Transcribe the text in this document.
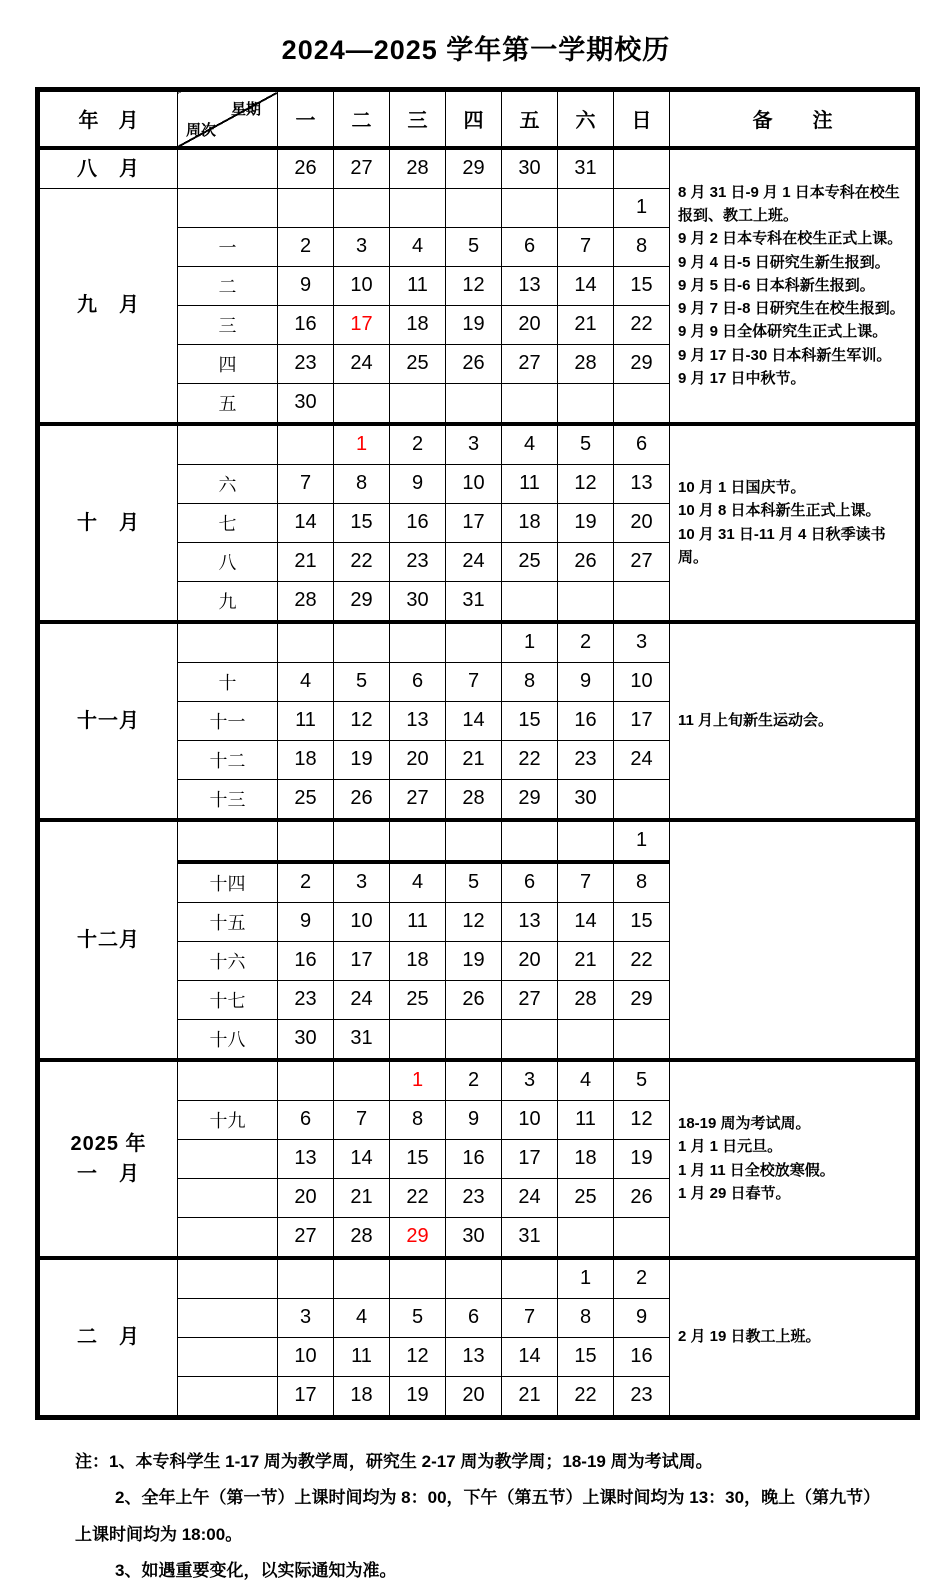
2024—2025 学年第一学期校历
年　月	星期
周次	一	二	三	四	五	六	日	备　　注

八　月		26	27	28	29	30	31		
8 月 31 日-9 月 1 日本专科在校生报到、教工上班。
9 月 2 日本专科在校生正式上课。
9 月 4 日-5 日研究生新生报到。
9 月 5 日-6 日本科新生报到。
9 月 7 日-8 日研究生在校生报到。
9 月 9 日全体研究生正式上课。
9 月 17 日-30 日本科新生军训。
9 月 17 日中秋节。

九　月								1	
	一	2	3	4	5	6	7	8	
	二	9	10	11	12	13	14	15	
	三	16	17	18	19	20	21	22	
	四	23	24	25	26	27	28	29	
	五	30							

十　月			1	2	3	4	5	6	10 月 1 日国庆节。
10 月 8 日本科新生正式上课。
10 月 31 日-11 月 4 日秋季读书周。

	六	7	8	9	10	11	12	13	
	七	14	15	16	17	18	19	20	
	八	21	22	23	24	25	26	27	
	九	28	29	30	31				

十一月						1	2	3	11 月上旬新生运动会。

	十	4	5	6	7	8	9	10	
	十一	11	12	13	14	15	16	17	
	十二	18	19	20	21	22	23	24	
	十三	25	26	27	28	29	30		

十二月								1	
	十四	2	3	4	5	6	7	8	
	十五	9	10	11	12	13	14	15	
	十六	16	17	18	19	20	21	22	
	十七	23	24	25	26	27	28	29	
	十八	30	31						

2025 年
一　月
				1	2	3	4	5	
18-19 周为考试周。
1 月 1 日元旦。
1 月 11 日全校放寒假。
1 月 29 日春节。

	十九	6	7	8	9	10	11	12	
		13	14	15	16	17	18	19	
		20	21	22	23	24	25	26	
		27	28	29	30	31			

二　月							1	2	2 月 19 日教工上班。

		3	4	5	6	7	8	9	
		10	11	12	13	14	15	16	
		17	18	19	20	21	22	23	
注：1、本专科学生 1-17 周为教学周，研究生 2-17 周为教学周；18-19 周为考试周。
2、全年上午（第一节）上课时间均为 8：00，下午（第五节）上课时间均为 13：30，晚上（第九节）
上课时间均为 18:00。
3、如遇重要变化，以实际通知为准。
